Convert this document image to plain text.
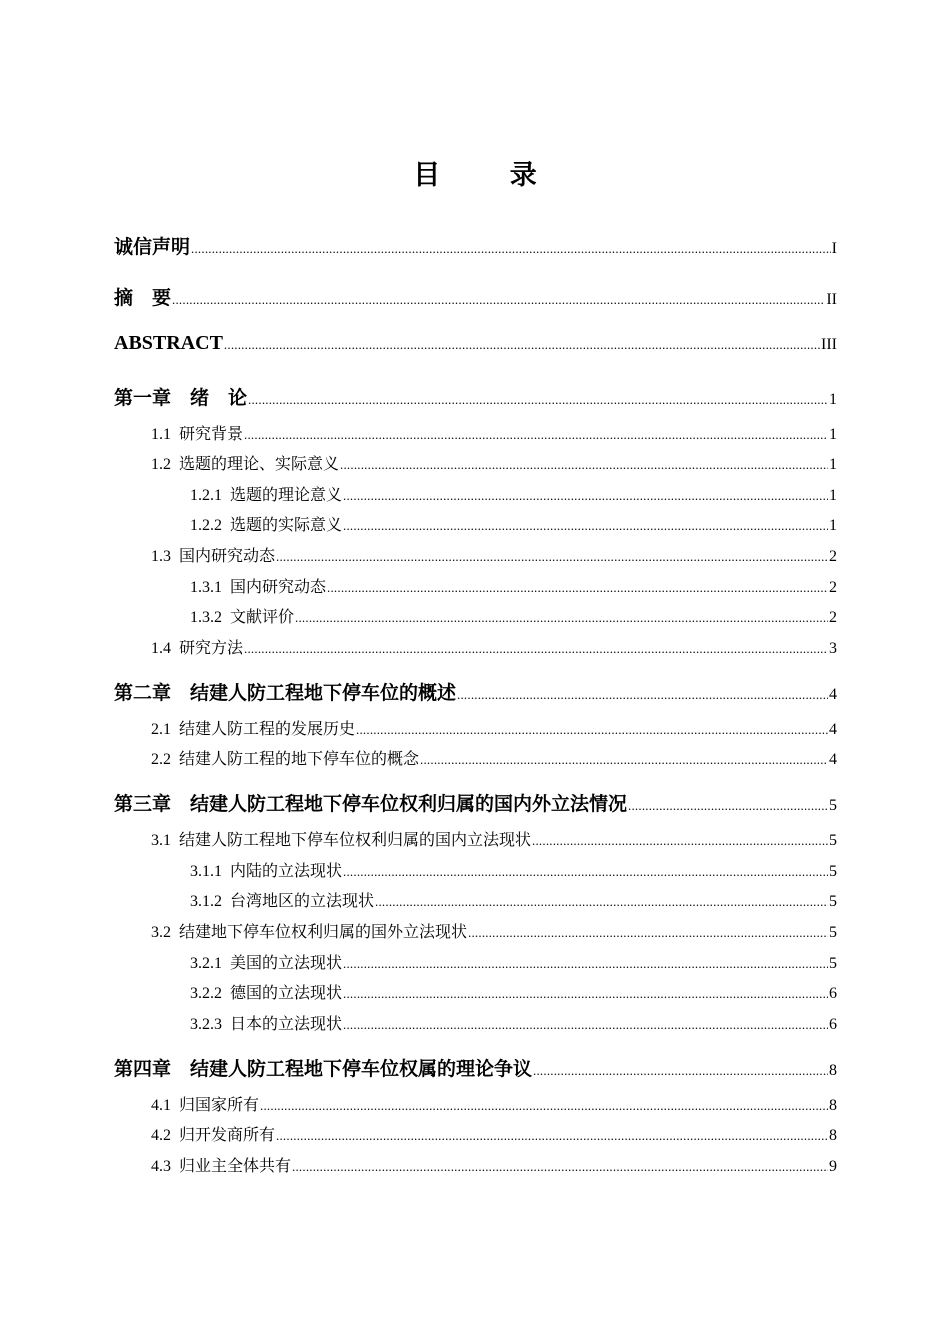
目 录
诚信声明 .....	I
摘　要 .....	II
ABSTRACT .....	III
第一章　绪　论 .....	1
1.1 研究背景 .....	1
1.2 选题的理论、实际意义 .....	1
1.2.1 选题的理论意义 .....	1
1.2.2 选题的实际意义 .....	1
1.3 国内研究动态 .....	2
1.3.1 国内研究动态 .....	2
1.3.2 文献评价 .....	2
1.4 研究方法 .....	3
第二章　结建人防工程地下停车位的概述 .....	4
2.1 结建人防工程的发展历史 .....	4
2.2 结建人防工程的地下停车位的概念 .....	4
第三章　结建人防工程地下停车位权利归属的国内外立法情况 .....	5
3.1 结建人防工程地下停车位权利归属的国内立法现状 .....	5
3.1.1 内陆的立法现状 .....	5
3.1.2 台湾地区的立法现状 .....	5
3.2 结建地下停车位权利归属的国外立法现状 .....	5
3.2.1 美国的立法现状 .....	5
3.2.2 德国的立法现状 .....	6
3.2.3 日本的立法现状 .....	6
第四章　结建人防工程地下停车位权属的理论争议 .....	8
4.1 归国家所有 .....	8
4.2 归开发商所有 .....	8
4.3 归业主全体共有 .....	9
